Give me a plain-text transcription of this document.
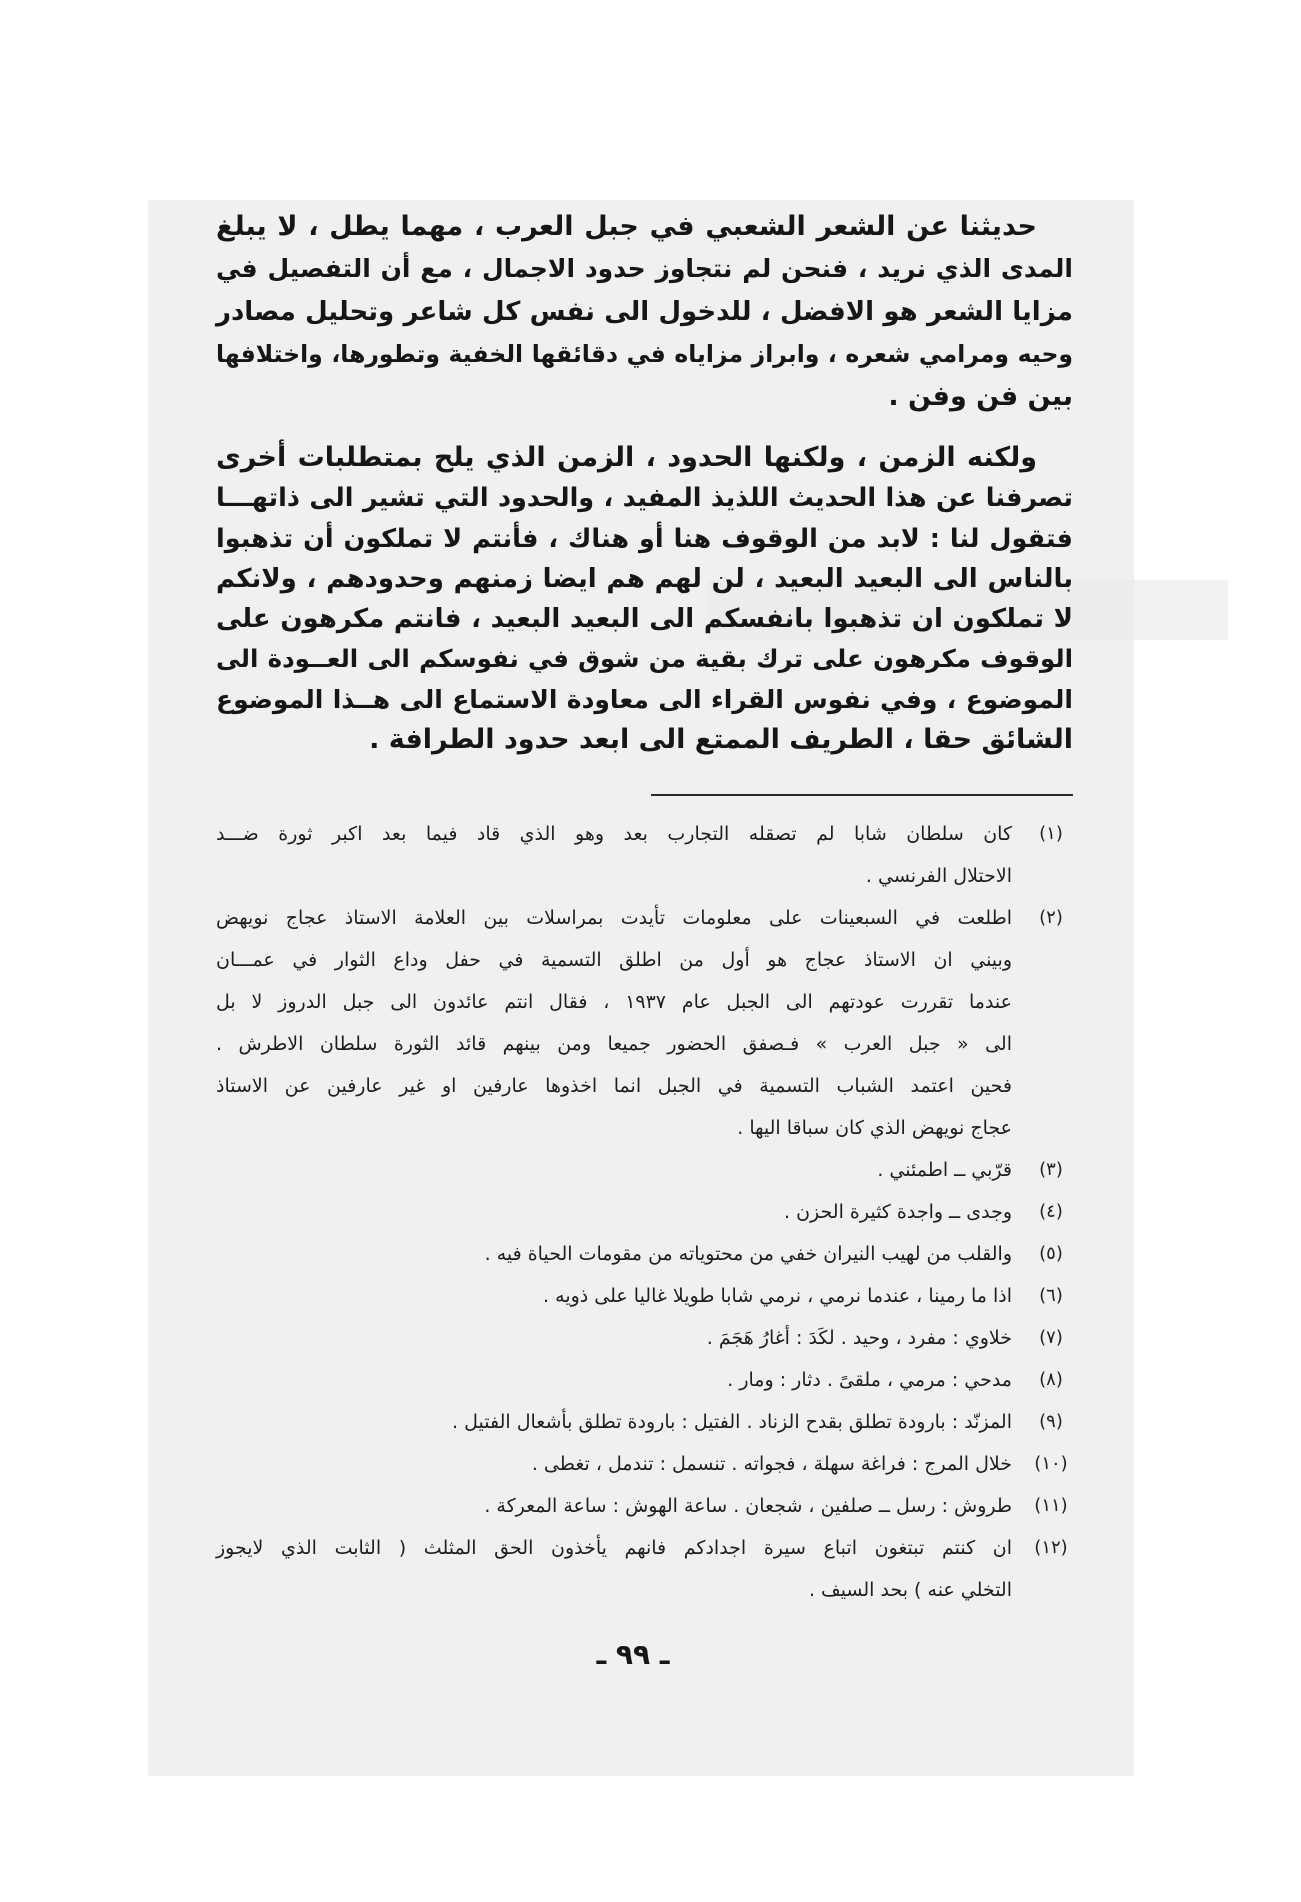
حديثنا عن الشعر الشعبي في جبل العرب ، مهما يطل ، لا يبلغ
المدى الذي نريد ، فنحن لم نتجاوز حدود الاجمال ، مع أن التفصيل في
مزايا الشعر هو الافضل ، للدخول الى نفس كل شاعر وتحليل مصادر
وحيه ومرامي شعره ، وابراز مزاياه في دقائقها الخفية وتطورها، واختلافها
بين فن وفن .
ولكنه الزمن ، ولكنها الحدود ، الزمن الذي يلح بمتطلبات أخرى
تصرفنا عن هذا الحديث اللذيذ المفيد ، والحدود التي تشير الى ذاتهـــا
فتقول لنا : لابد من الوقوف هنا أو هناك ، فأنتم لا تملكون أن تذهبوا
بالناس الى البعيد البعيد ، لن لهم هم ايضا زمنهم وحدودهم ، ولانكم
لا تملكون ان تذهبوا بانفسكم الى البعيد البعيد ، فانتم مكرهون على
الوقوف مكرهون على ترك بقية من شوق في نفوسكم الى العــودة الى
الموضوع ، وفي نفوس القراء الى معاودة الاستماع الى هــذا الموضوع
الشائق حقا ، الطريف الممتع الى ابعد حدود الطرافة .
(١)
كان سلطان شابا لم تصقله التجارب بعد وهو الذي قاد فيما بعد اكبر ثورة ضـــد
الاحتلال الفرنسي .
(٢)
اطلعت في السبعينات على معلومات تأيدت بمراسلات بين العلامة الاستاذ عجاج نويهض
وبيني ان الاستاذ عجاج هو أول من اطلق التسمية في حفل وداع الثوار في عمـــان
عندما تقررت عودتهم الى الجبل عام ١٩٣٧ ، فقال انتم عائدون الى جبل الدروز لا بل
الى « جبل العرب » فـصفق الحضور جميعا ومن بينهم قائد الثورة سلطان الاطرش .
فحين اعتمد الشباب التسمية في الجبل انما اخذوها عارفين او غير عارفين عن الاستاذ
عجاج نويهض الذي كان سباقا اليها .
(٣)
قرّبي ــ اطمئني .
(٤)
وجدى ــ واجدة كثيرة الحزن .
(٥)
والقلب من لهيب النيران خفي من محتوياته من مقومات الحياة فيه .
(٦)
اذا ما رمينا ، عندما نرمي ، نرمي شابا طويلا غاليا على ذويه .
(٧)
خلاوي : مفرد ، وحيد . لكَدَ : أغارُ هَجَمَ .
(٨)
مدحي : مرمي ، ملقىً . دثار : ومار .
(٩)
المزنّد : بارودة تطلق بقدح الزناد . الفتيل : بارودة تطلق بأشعال الفتيل .
(١٠)
خلال المرج : فراغة سهلة ، فجواته . تنسمل : تندمل ، تغطى .
(١١)
طروش : رسل ــ صلفين ، شجعان . ساعة الهوش : ساعة المعركة .
(١٢)
ان كنتم تبتغون اتباع سيرة اجدادكم فانهم يأخذون الحق المثلث ( الثابت الذي لايجوز
التخلي عنه ) بحد السيف .
ـ ٩٩ ـ
